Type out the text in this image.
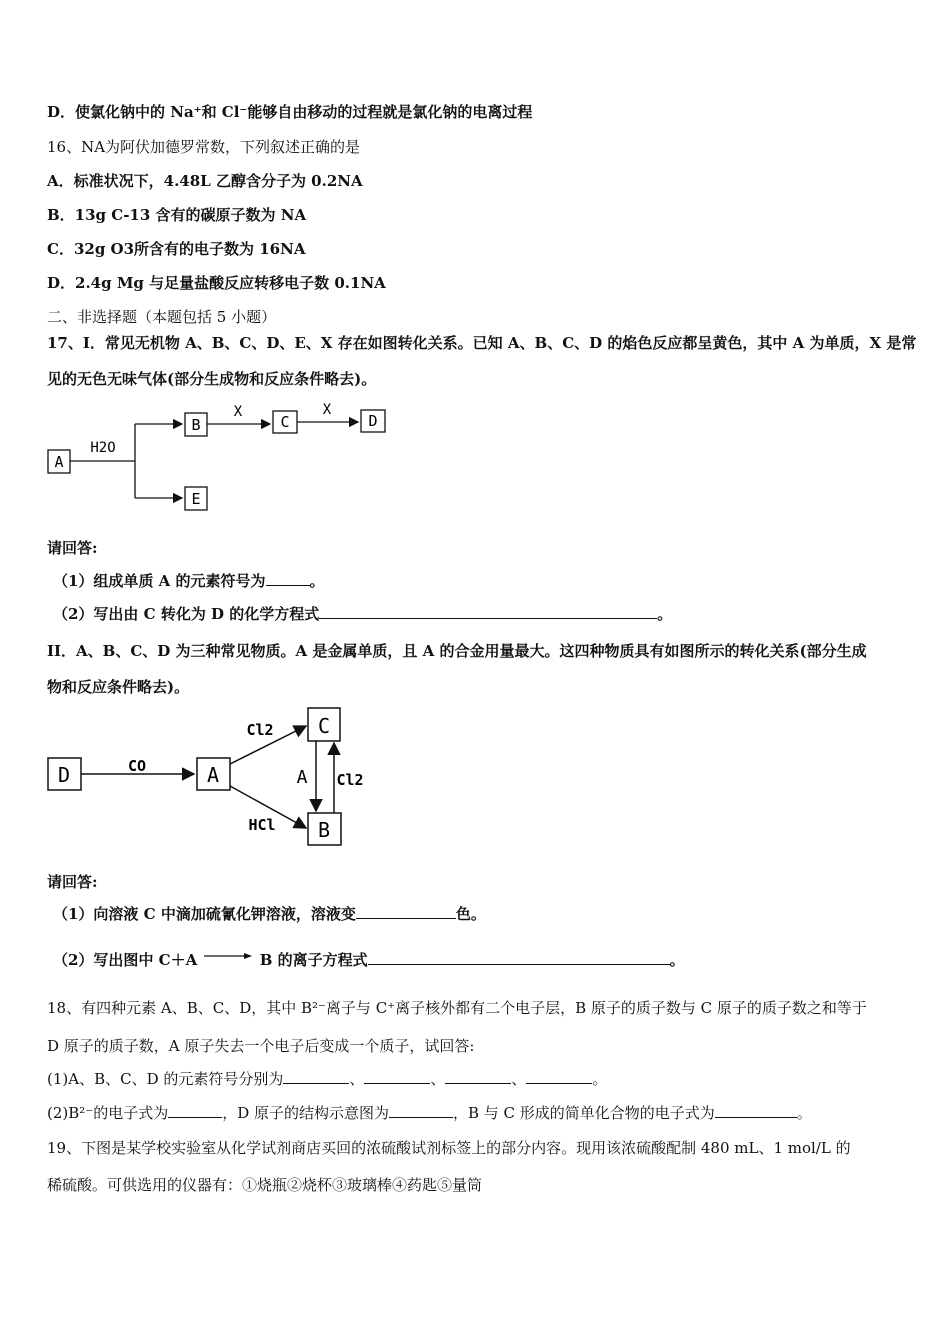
D．使氯化钠中的 Na⁺和 Cl⁻能够自由移动的过程就是氯化钠的电离过程
16、NA为阿伏加德罗常数，下列叙述正确的是
A．标准状况下，4.48L 乙醇含分子为 0.2NA
B．13g C-13 含有的碳原子数为 NA
C．32g O3所含有的电子数为 16NA
D．2.4g Mg 与足量盐酸反应转移电子数 0.1NA
二、非选择题（本题包括 5 小题）
17、I．常见无机物 A、B、C、D、E、X 存在如图转化关系。已知 A、B、C、D 的焰色反应都呈黄色，其中 A 为单质，X 是常
见的无色无味气体(部分生成物和反应条件略去)。
A
H2O
B
X
C
X
D
E
请回答:
（1）组成单质 A 的元素符号为	。
（2）写出由 C 转化为 D 的化学方程式	。
II．A、B、C、D 为三种常见物质。A 是金属单质，且 A 的合金用量最大。这四种物质具有如图所示的转化关系(部分生成
物和反应条件略去)。
D	CO	A
Cl2
HCl
C
B
A Cl2
请回答:
（1）向溶液 C 中滴加硫氰化钾溶液，溶液变	色。
（2）写出图中 C＋A → B 的离子方程式	。
18、有四种元素 A、B、C、D，其中 B²⁻离子与 C⁺离子核外都有二个电子层，B 原子的质子数与 C 原子的质子数之和等于
D 原子的质子数，A 原子失去一个电子后变成一个质子，试回答:
(1)A、B、C、D 的元素符号分别为	、	、	、	。
(2)B²⁻的电子式为	，D 原子的结构示意图为	，B 与 C 形成的简单化合物的电子式为	。
19、下图是某学校实验室从化学试剂商店买回的浓硫酸试剂标签上的部分内容。现用该浓硫酸配制 480 mL、1 mol/L 的
稀硫酸。可供选用的仪器有：①烧瓶②烧杯③玻璃棒④药匙⑤量筒
